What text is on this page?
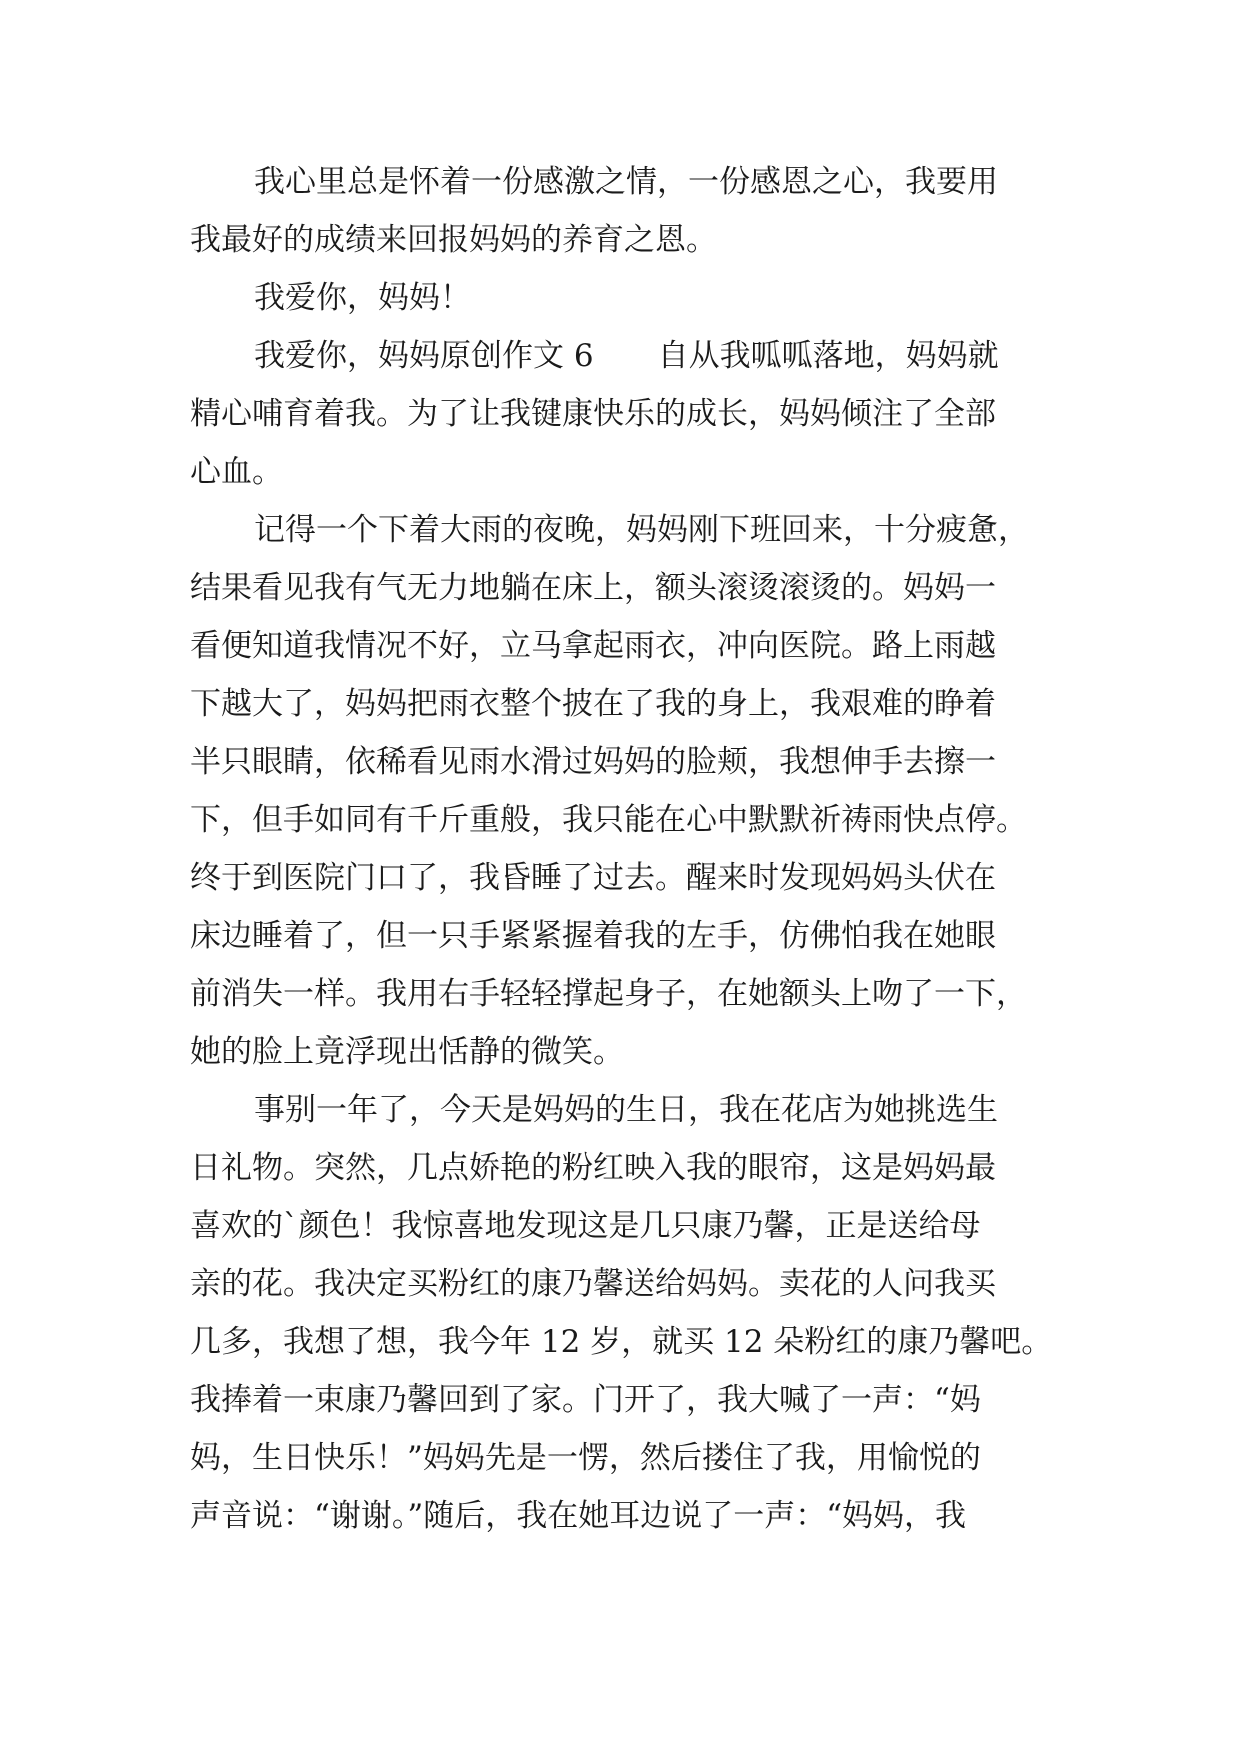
我心里总是怀着一份感激之情，一份感恩之心，我要用
我最好的成绩来回报妈妈的养育之恩。
我爱你，妈妈！
我爱你，妈妈原创作文 6 自从我呱呱落地，妈妈就
精心哺育着我。为了让我键康快乐的成长，妈妈倾注了全部
心血。
记得一个下着大雨的夜晚，妈妈刚下班回来，十分疲惫，
结果看见我有气无力地躺在床上，额头滚烫滚烫的。妈妈一
看便知道我情况不好，立马拿起雨衣，冲向医院。路上雨越
下越大了，妈妈把雨衣整个披在了我的身上，我艰难的睁着
半只眼睛，依稀看见雨水滑过妈妈的脸颊，我想伸手去擦一
下，但手如同有千斤重般，我只能在心中默默祈祷雨快点停。
终于到医院门口了，我昏睡了过去。醒来时发现妈妈头伏在
床边睡着了，但一只手紧紧握着我的左手，仿佛怕我在她眼
前消失一样。我用右手轻轻撑起身子，在她额头上吻了一下，
她的脸上竟浮现出恬静的微笑。
事别一年了，今天是妈妈的生日，我在花店为她挑选生
日礼物。突然，几点娇艳的粉红映入我的眼帘，这是妈妈最
喜欢的`颜色！我惊喜地发现这是几只康乃馨，正是送给母
亲的花。我决定买粉红的康乃馨送给妈妈。卖花的人问我买
几多，我想了想，我今年 12 岁，就买 12 朵粉红的康乃馨吧。
我捧着一束康乃馨回到了家。门开了，我大喊了一声：“妈
妈，生日快乐！”妈妈先是一愣，然后搂住了我，用愉悦的
声音说：“谢谢。”随后，我在她耳边说了一声：“妈妈，我
